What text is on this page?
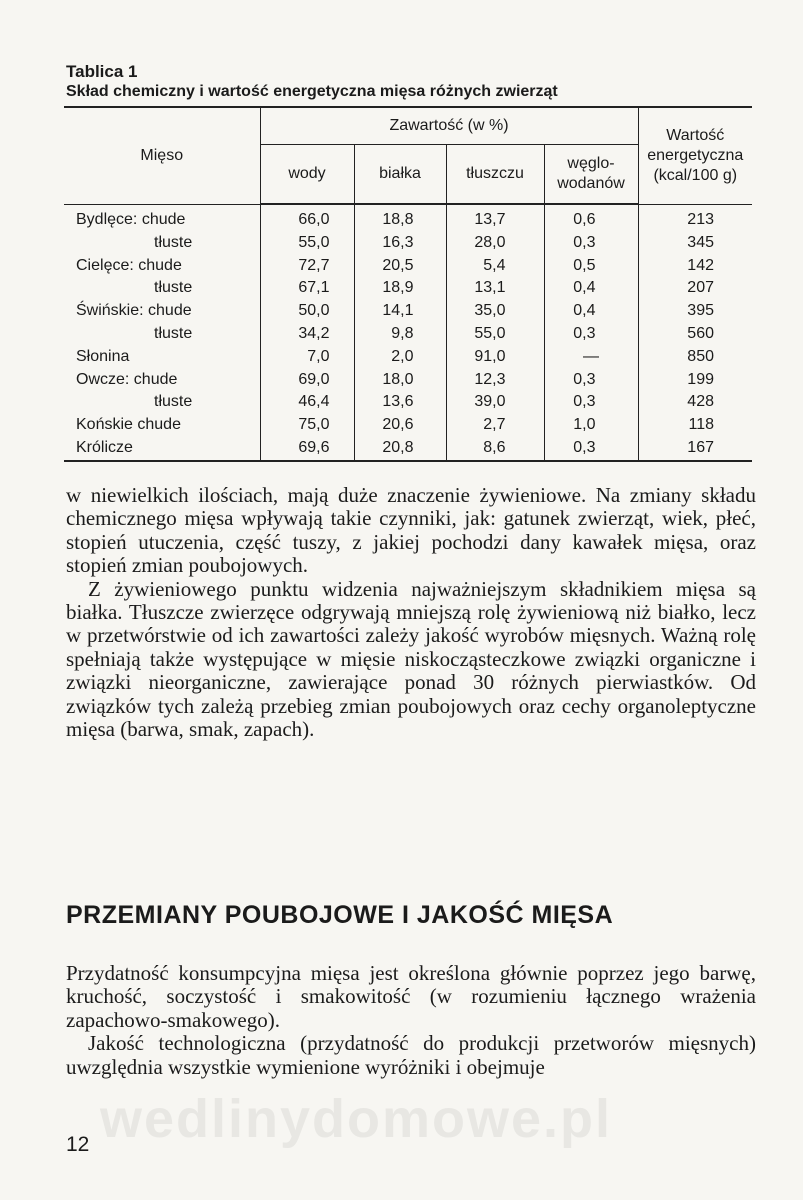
Tablica 1
Skład chemiczny i wartość energetyczna mięsa różnych zwierząt
Mięso	Zawartość (w %)				Wartość
energetyczna
(kcal/100 g)
	wody	białka	tłuszczu	węglo-
wodanów	
Bydlęce: chude	66,0	18,8	13,7	0,6	213
tłuste	55,0	16,3	28,0	0,3	345
Cielęce: chude	72,7	20,5	5,4	0,5	142
tłuste	67,1	18,9	13,1	0,4	207
Świńskie: chude	50,0	14,1	35,0	0,4	395
tłuste	34,2	9,8	55,0	0,3	560
Słonina	7,0	2,0	91,0	—	850
Owcze: chude	69,0	18,0	12,3	0,3	199
tłuste	46,4	13,6	39,0	0,3	428
Końskie chude	75,0	20,6	2,7	1,0	118
Królicze	69,6	20,8	8,6	0,3	167

w niewielkich ilościach, mają duże znaczenie żywieniowe. Na zmiany składu chemicznego mięsa wpływają takie czynniki, jak: gatunek zwierząt, wiek, płeć, stopień utuczenia, część tuszy, z jakiej pochodzi dany kawałek mięsa, oraz stopień zmian poubojowych.

Z żywieniowego punktu widzenia najważniejszym składnikiem mięsa są białka. Tłuszcze zwierzęce odgrywają mniejszą rolę żywieniową niż białko, lecz w przetwórstwie od ich zawartości zależy jakość wyrobów mięsnych. Ważną rolę spełniają także występujące w mięsie niskocząsteczkowe związki organiczne i związki nieorganiczne, zawierające ponad 30 różnych pierwiastków. Od związków tych zależą przebieg zmian poubojowych oraz cechy organoleptyczne mięsa (barwa, smak, zapach).

PRZEMIANY POUBOJOWE I JAKOŚĆ MIĘSA

Przydatność konsumpcyjna mięsa jest określona głównie poprzez jego barwę, kruchość, soczystość i smakowitość (w rozumieniu łącznego wrażenia zapachowo-smakowego).

Jakość technologiczna (przydatność do produkcji przetworów mięsnych) uwzględnia wszystkie wymienione wyróżniki i obejmuje

wedlinydomowe.pl
12
